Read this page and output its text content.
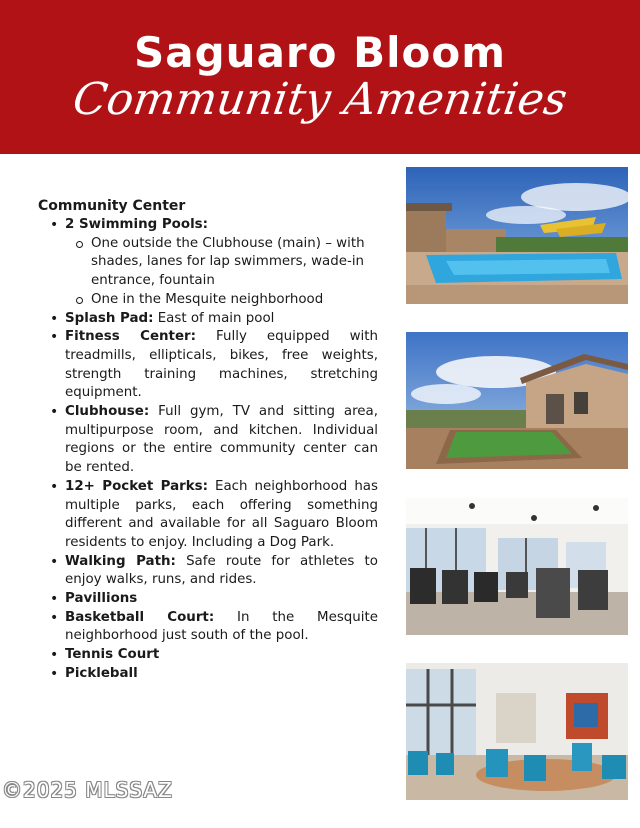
Saguaro Bloom
Community Amenities
Community Center
• 2 Swimming Pools:
One outside the Clubhouse (main) – with shades, lanes for lap swimmers, wade-in entrance, fountain
One in the Mesquite neighborhood
• Splash Pad: East of main pool
• Fitness Center: Fully equipped with treadmills, ellipticals, bikes, free weights, strength training machines, stretching equipment.
• Clubhouse: Full gym, TV and sitting area, multipurpose room, and kitchen. Individual regions or the entire community center can be rented.
• 12+ Pocket Parks: Each neighborhood has multiple parks, each offering something different and available for all Saguaro Bloom residents to enjoy. Including a Dog Park.
• Walking Path: Safe route for athletes to enjoy walks, runs, and rides.
• Pavillions
• Basketball Court: In the Mesquite neighborhood just south of the pool.
• Tennis Court
• Pickleball
©2025 MLSSAZ
